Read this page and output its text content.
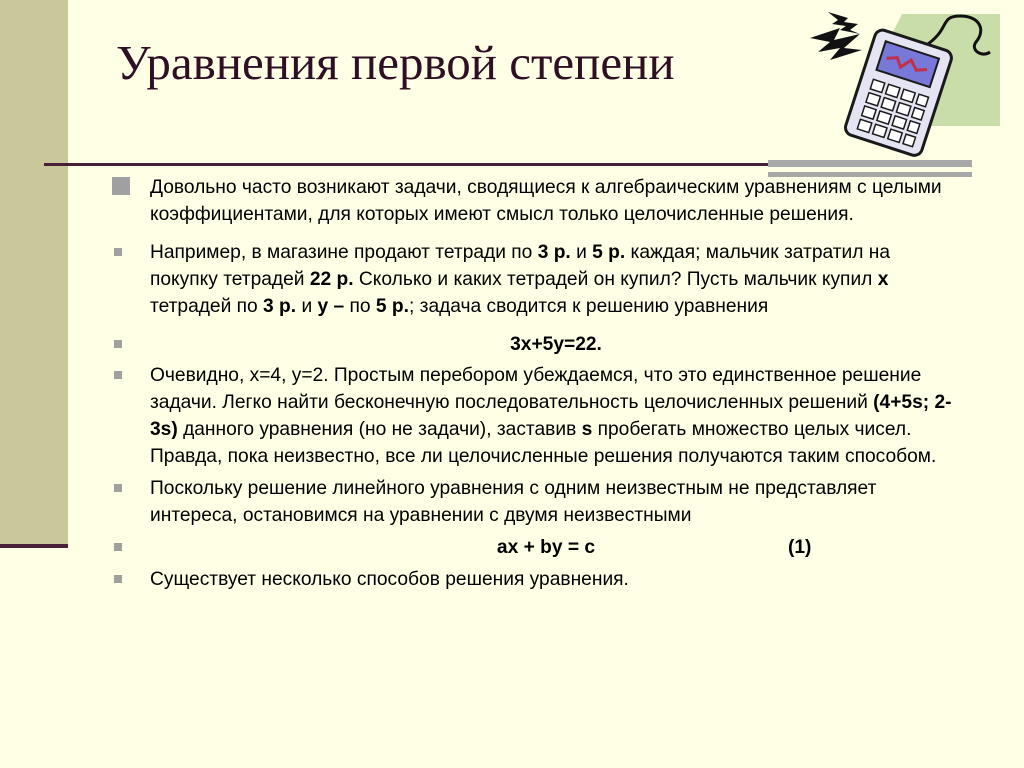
Уравнения первой степени
Довольно часто возникают задачи, сводящиеся к алгебраическим уравнениям с целыми коэффициентами, для которых имеют смысл только целочисленные решения.
Например, в магазине продают тетради по 3 р. и 5 р. каждая; мальчик затратил на покупку тетрадей 22 р. Сколько и каких тетрадей он купил? Пусть мальчик купил x тетрадей по 3 р. и y – по 5 р.; задача сводится к решению уравнения
3x+5y=22.
Очевидно, x=4, y=2. Простым перебором убеждаемся, что это единственное решение задачи. Легко найти бесконечную последовательность целочисленных решений (4+5s; 2-3s) данного уравнения (но не задачи), заставив s пробегать множество целых чисел. Правда, пока неизвестно, все ли целочисленные решения получаются таким способом.
Поскольку решение линейного уравнения с одним неизвестным не представляет интереса, остановимся на уравнении с двумя неизвестными
ax + by = c	(1)
Существует несколько способов решения уравнения.
